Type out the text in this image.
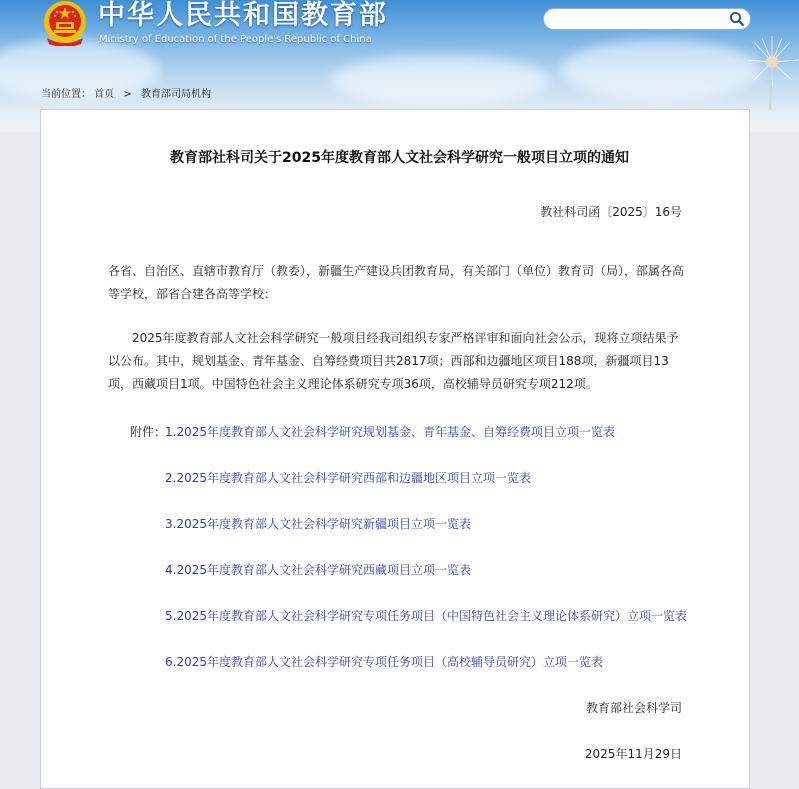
中华人民共和国教育部
Ministry of Education of the People's Republic of China
当前位置： 首页 > 教育部司局机构
教育部社科司关于2025年度教育部人文社会科学研究一般项目立项的通知
教社科司函〔2025〕16号

各省、自治区、直辖市教育厅（教委），新疆生产建设兵团教育局，有关部门（单位）教育司（局），部属各高等学校，部省合建各高等学校：

2025年度教育部人文社会科学研究一般项目经我司组织专家严格评审和面向社会公示，现将立项结果予以公布。其中，规划基金、青年基金、自筹经费项目共2817项；西部和边疆地区项目188项，新疆项目13项，西藏项目1项。中国特色社会主义理论体系研究专项36项，高校辅导员研究专项212项。

附件：
1.2025年度教育部人文社会科学研究规划基金、青年基金、自筹经费项目立项一览表
2.2025年度教育部人文社会科学研究西部和边疆地区项目立项一览表
3.2025年度教育部人文社会科学研究新疆项目立项一览表
4.2025年度教育部人文社会科学研究西藏项目立项一览表
5.2025年度教育部人文社会科学研究专项任务项目（中国特色社会主义理论体系研究）立项一览表
6.2025年度教育部人文社会科学研究专项任务项目（高校辅导员研究）立项一览表
教育部社会科学司
2025年11月29日
